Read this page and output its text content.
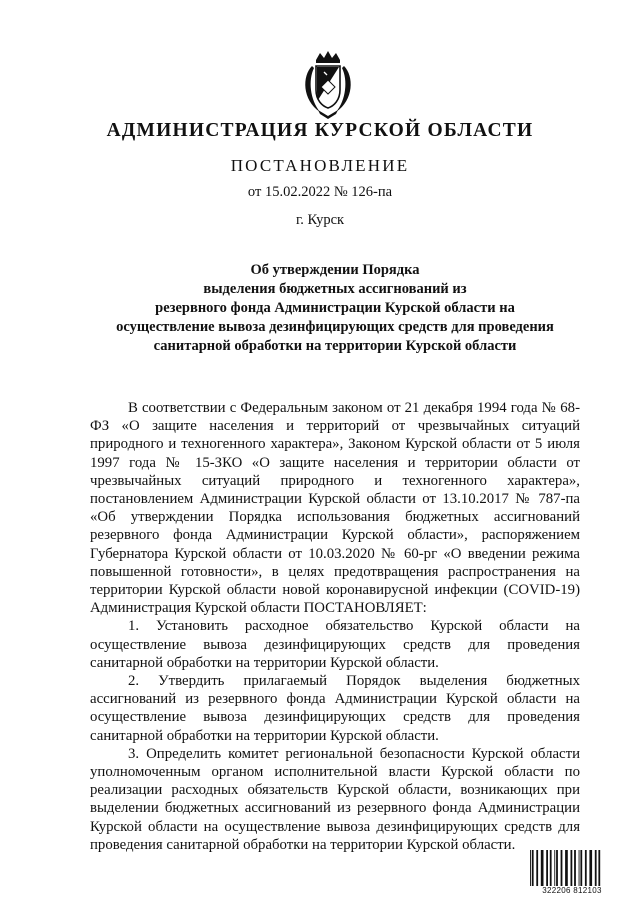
АДМИНИСТРАЦИЯ КУРСКОЙ ОБЛАСТИ
ПОСТАНОВЛЕНИЕ
от 15.02.2022 № 126-па
г. Курск
Об утверждении Порядка
выделения бюджетных ассигнований из
резервного фонда Администрации Курской области на
осуществление вывоза дезинфицирующих средств для проведения
санитарной обработки на территории Курской области

В соответствии с Федеральным законом от 21 декабря 1994 года № 68-ФЗ «О защите населения и территорий от чрезвычайных ситуаций природного и техногенного характера», Законом Курской области от 5 июля 1997 года № 15-ЗКО «О защите населения и территории области от чрезвычайных ситуаций природного и техногенного характера», постановлением Администрации Курской области от 13.10.2017 № 787-па «Об утверждении Порядка использования бюджетных ассигнований резервного фонда Администрации Курской области», распоряжением Губернатора Курской области от 10.03.2020 № 60-рг «О введении режима повышенной готовности», в целях предотвращения распространения на территории Курской области новой коронавирусной инфекции (COVID-19) Администрация Курской области ПОСТАНОВЛЯЕТ:

1. Установить расходное обязательство Курской области на осуществление вывоза дезинфицирующих средств для проведения санитарной обработки на территории Курской области.

2. Утвердить прилагаемый Порядок выделения бюджетных ассигнований из резервного фонда Администрации Курской области на осуществление вывоза дезинфицирующих средств для проведения санитарной обработки на территории Курской области.

3. Определить комитет региональной безопасности Курской области уполномоченным органом исполнительной власти Курской области по реализации расходных обязательств Курской области, возникающих при выделении бюджетных ассигнований из резервного фонда Администрации Курской области на осуществление вывоза дезинфицирующих средств для проведения санитарной обработки на территории Курской области.

322206 812103
